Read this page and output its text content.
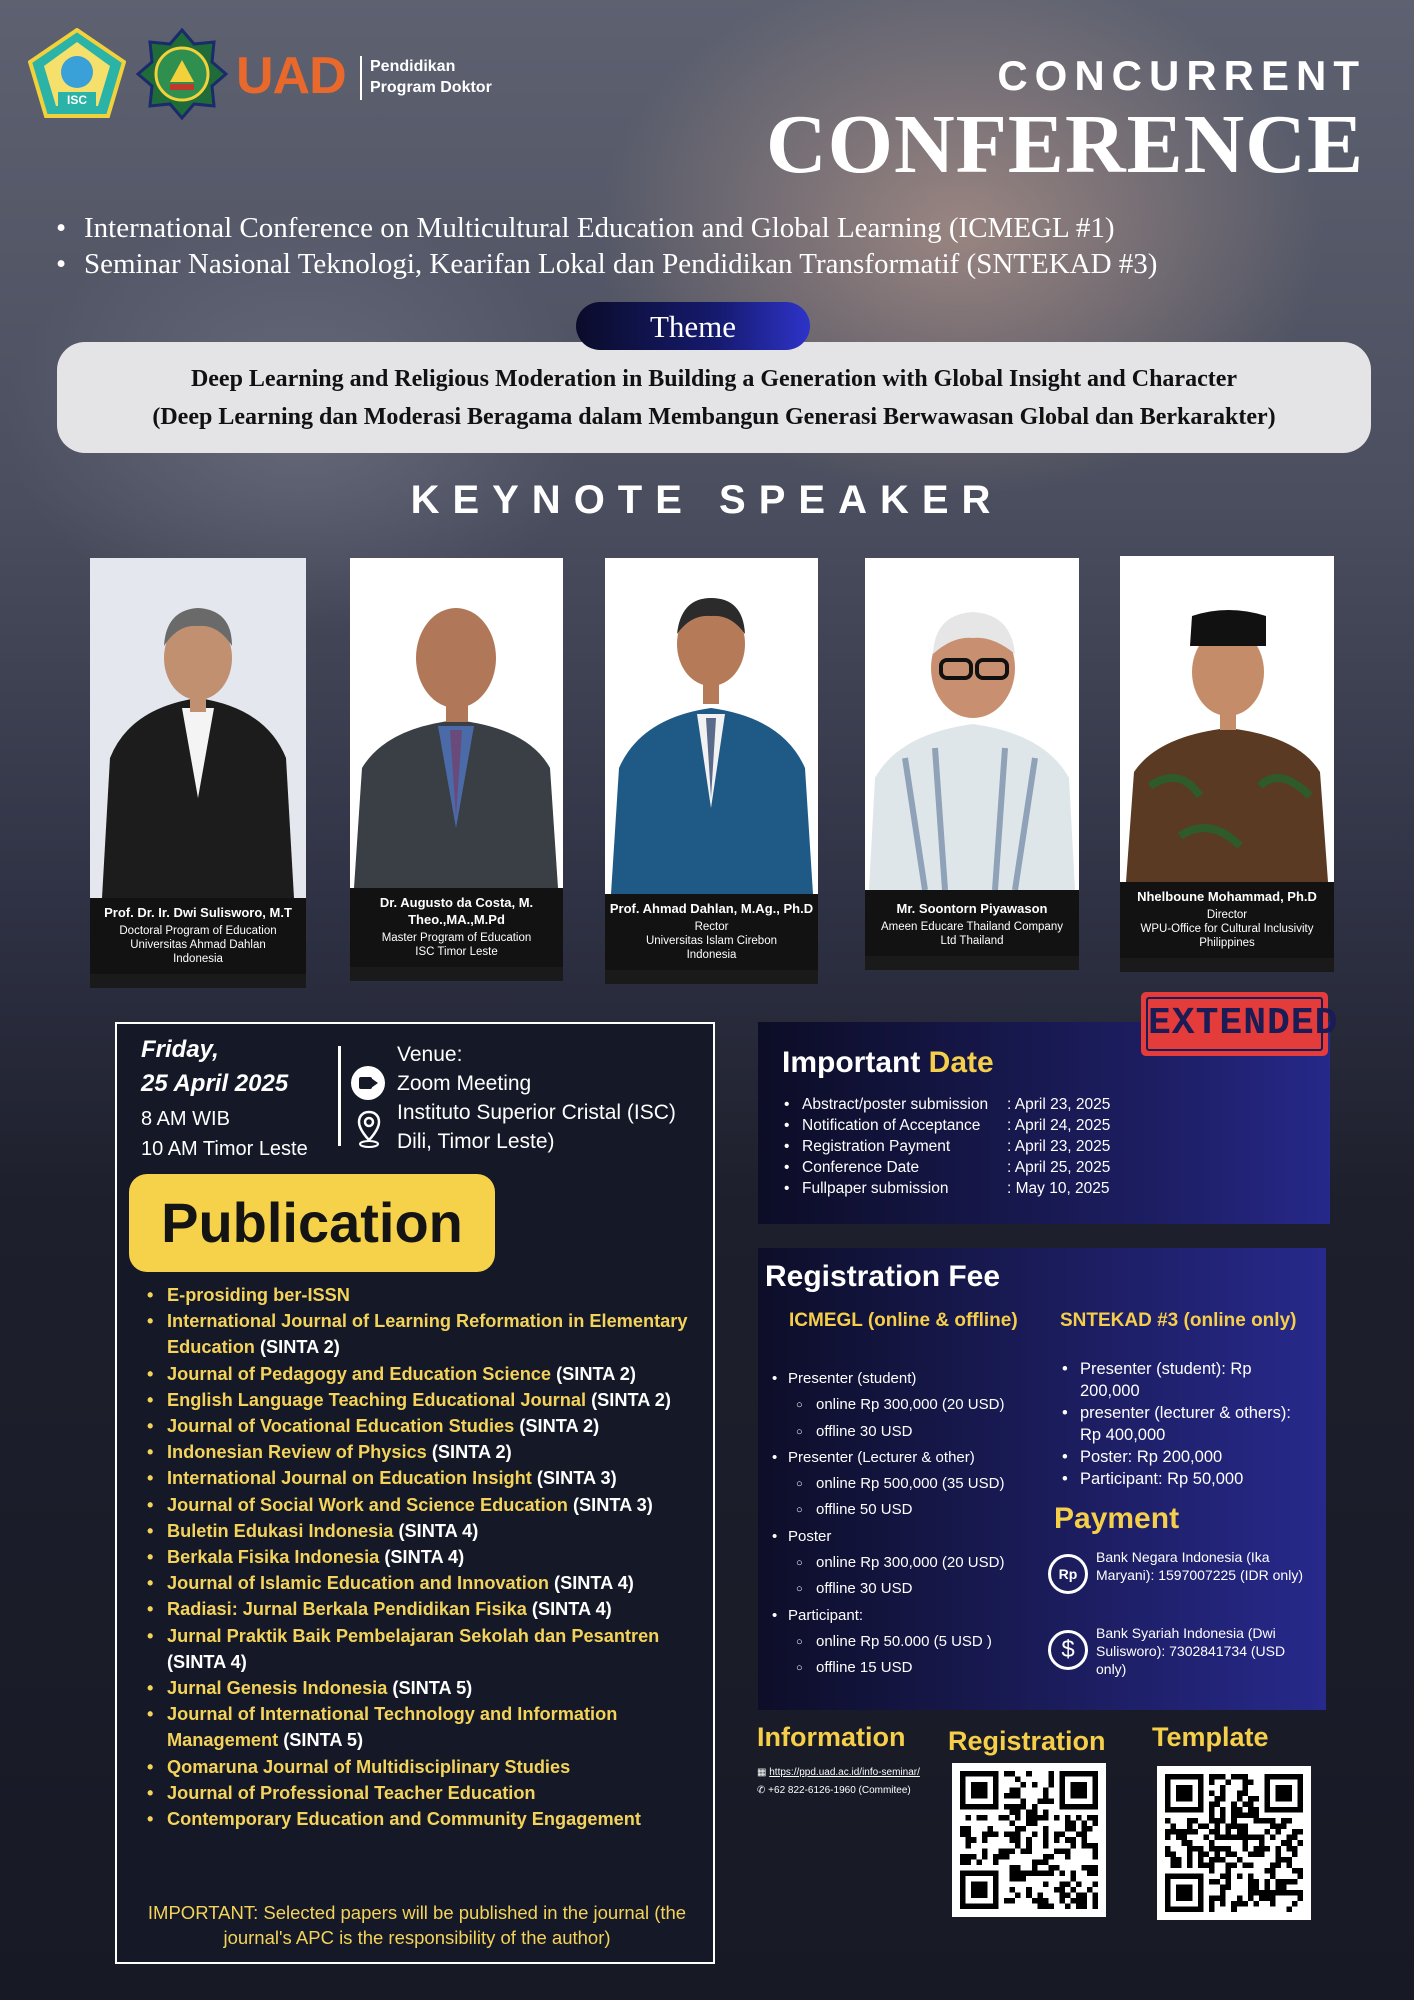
ISC	UAD Pendidikan
Program Doktor	CONCURRENT
CONFERENCE
• International Conference on Multicultural Education and Global Learning (ICMEGL #1)
• Seminar Nasional Teknologi, Kearifan Lokal dan Pendidikan Transformatif (SNTEKAD #3)
Deep Learning and Religious Moderation in Building a Generation with Global Insight and Character
(Deep Learning dan Moderasi Beragama dalam Membangun Generasi Berwawasan Global dan Berkarakter)
Theme
KEYNOTE SPEAKER
Prof. Dr. Ir. Dwi Sulisworo, M.T
Doctoral Program of Education
Universitas Ahmad Dahlan
Indonesia
Dr. Augusto da Costa, M. Theo.,MA.,M.Pd
Master Program of Education
ISC Timor Leste
Prof. Ahmad Dahlan, M.Ag., Ph.D
Rector
Universitas Islam Cirebon
Indonesia
Mr. Soontorn Piyawason
Ameen Educare Thailand Company
Ltd Thailand
Nhelboune Mohammad, Ph.D
Director
WPU-Office for Cultural Inclusivity
Philippines
Friday,
25 April 2025
8 AM WIB
10 AM Timor Leste
Venue:
Zoom Meeting
Instituto Superior Cristal (ISC)
Dili, Timor Leste)
Publication
• E-prosiding ber-ISSN
• International Journal of Learning Reformation in Elementary Education (SINTA 2)
• Journal of Pedagogy and Education Science (SINTA 2)
• English Language Teaching Educational Journal (SINTA 2)
• Journal of Vocational Education Studies (SINTA 2)
• Indonesian Review of Physics (SINTA 2)
• International Journal on Education Insight (SINTA 3)
• Journal of Social Work and Science Education (SINTA 3)
• Buletin Edukasi Indonesia (SINTA 4)
• Berkala Fisika Indonesia (SINTA 4)
• Journal of Islamic Education and Innovation (SINTA 4)
• Radiasi: Jurnal Berkala Pendidikan Fisika (SINTA 4)
• Jurnal Praktik Baik Pembelajaran Sekolah dan Pesantren (SINTA 4)
• Jurnal Genesis Indonesia (SINTA 5)
• Journal of International Technology and Information Management (SINTA 5)
• Qomaruna Journal of Multidisciplinary Studies
• Journal of Professional Teacher Education
• Contemporary Education and Community Engagement
IMPORTANT: Selected papers will be published in the journal (the journal's APC is the responsibility of the author)
Important Date
• Abstract/poster submission : April 23, 2025
• Notification of Acceptance : April 24, 2025
• Registration Payment	: April 23, 2025
• Conference Date	: April 25, 2025
• Fullpaper submission	: May 10, 2025
EXTENDED
Registration Fee
ICMEGL (online & offline) SNTEKAD #3 (online only)
• Presenter (student)
○ online Rp 300,000 (20 USD)
○ offline 30 USD
• Presenter (Lecturer & other)
○ online Rp 500,000 (35 USD)
○ offline 50 USD
• Poster
○ online Rp 300,000 (20 USD)
○ offline 30 USD
• Participant:
○ online Rp 50.000 (5 USD )
○ offline 15 USD
• Presenter (student): Rp 200,000
• presenter (lecturer & others): Rp 400,000
• Poster: Rp 200,000
• Participant: Rp 50,000
Payment
Rp
Bank Negara Indonesia (Ika Maryani): 1597007225 (IDR only)
$
Bank Syariah Indonesia (Dwi Sulisworo): 7302841734 (USD only)
Information Registration Template
▦ https://ppd.uad.ac.id/info-seminar/
✆ +62 822-6126-1960 (Commitee)
